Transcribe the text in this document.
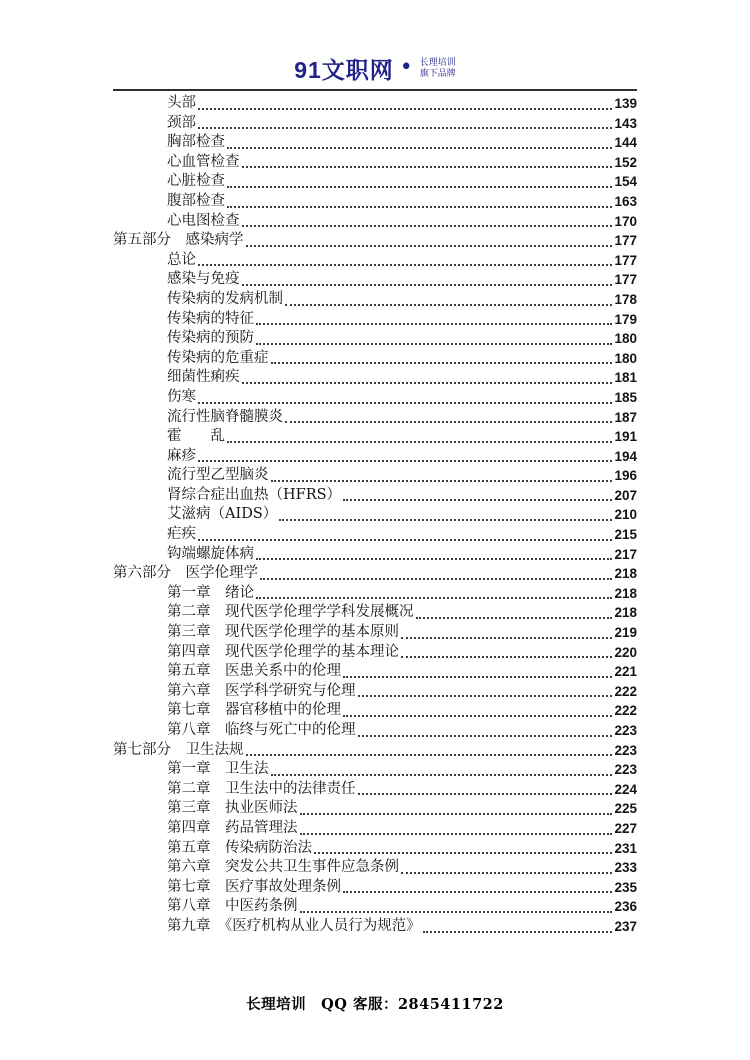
91文职网 • 长理培训
旗下品牌
头部	139
颈部	143
胸部检查	144
心血管检查	152
心脏检查	154
腹部检查	163
心电图检查	170
第五部分　感染病学	177
总论	177
感染与免疫	177
传染病的发病机制	178
传染病的特征	179
传染病的预防	180
传染病的危重症	180
细菌性痢疾	181
伤寒	185
流行性脑脊髓膜炎	187
霍　　乱	191
麻疹	194
流行型乙型脑炎	196
肾综合症出血热（HFRS）	207
艾滋病（AIDS）	210
疟疾	215
钩端螺旋体病	217
第六部分　医学伦理学	218
第一章　绪论	218
第二章　现代医学伦理学学科发展概况	218
第三章　现代医学伦理学的基本原则	219
第四章　现代医学伦理学的基本理论	220
第五章　医患关系中的伦理	221
第六章　医学科学研究与伦理	222
第七章　器官移植中的伦理	222
第八章　临终与死亡中的伦理	223
第七部分　卫生法规	223
第一章　卫生法	223
第二章　卫生法中的法律责任	224
第三章　执业医师法	225
第四章　药品管理法	227
第五章　传染病防治法	231
第六章　突发公共卫生事件应急条例	233
第七章　医疗事故处理条例	235
第八章　中医药条例	236
第九章　《医疗机构从业人员行为规范》	237
长理培训　QQ 客服：2845411722
